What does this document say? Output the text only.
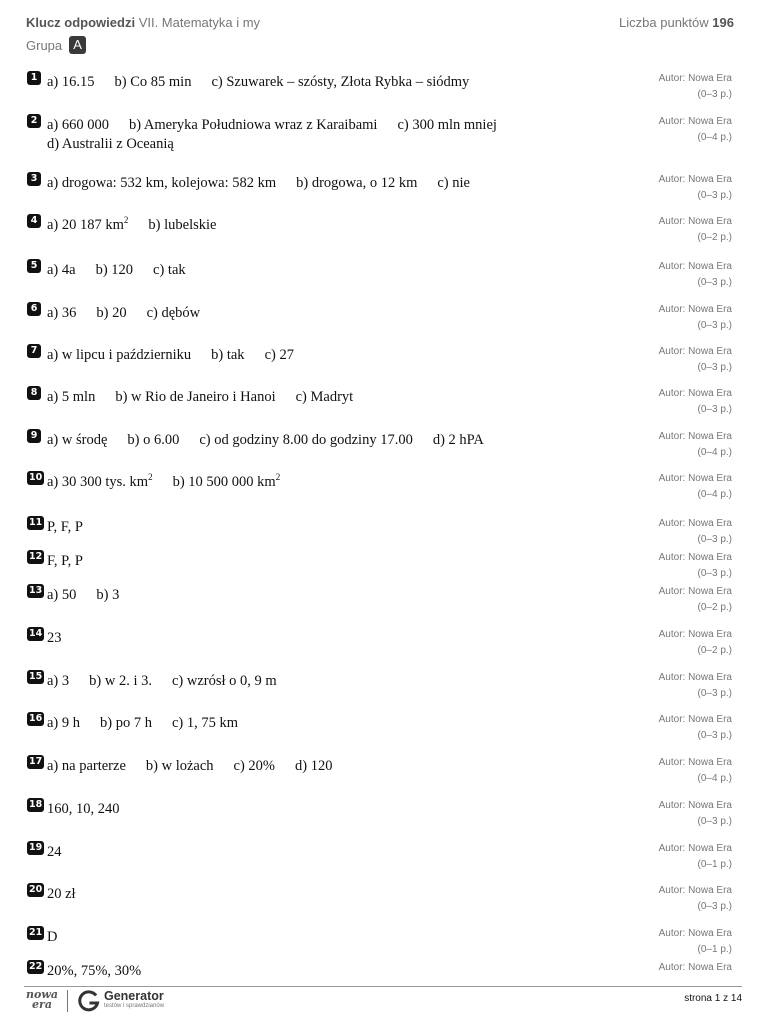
Klucz odpowiedzi VII. Matematyka i my	Liczba punktów 196
Grupa A
1 a) 16.15 b) Co 85 min c) Szuwarek – szósty, Złota Rybka – siódmy	Autor: Nowa Era
(0–3 p.)
2 a) 660 000 b) Ameryka Południowa wraz z Karaibami c) 300 mln mniej
d) Australii z Oceanią
Autor: Nowa Era
(0–4 p.)
3 a) drogowa: 532 km, kolejowa: 582 km b) drogowa, o 12 km c) nie	Autor: Nowa Era
(0–3 p.)
4 a) 20 187 $km^2$ b) lubelskie	Autor: Nowa Era
(0–2 p.)
5 a) 4a b) 120 c) tak	Autor: Nowa Era
(0–3 p.)
6 a) 36 b) 20 c) dębów	Autor: Nowa Era
(0–3 p.)
7 a) w lipcu i październiku b) tak c) 27	Autor: Nowa Era
(0–3 p.)
8 a) 5 mln b) w Rio de Janeiro i Hanoi c) Madryt	Autor: Nowa Era
(0–3 p.)
9 a) w środę b) o 6.00 c) od godziny 8.00 do godziny 17.00 d) 2 hPA	Autor: Nowa Era
(0–4 p.)
10 a) 30 300 tys. $km^2$ b) 10 500 000 $km^2$	Autor: Nowa Era
(0–4 p.)
11 P, F, P	Autor: Nowa Era
(0–3 p.)
12 F, P, P	Autor: Nowa Era
(0–3 p.)
13 a) 50 b) 3	Autor: Nowa Era
(0–2 p.)
14 23	Autor: Nowa Era
(0–2 p.)
15 a) 3 b) w 2. i 3. c) wzrósł o 0, 9 m	Autor: Nowa Era
(0–3 p.)
16 a) 9 h b) po 7 h c) 1, 75 km	Autor: Nowa Era
(0–3 p.)
17 a) na parterze b) w lożach c) 20% d) 120	Autor: Nowa Era
(0–4 p.)
18 160, 10, 240	Autor: Nowa Era
(0–3 p.)
19 24	Autor: Nowa Era
(0–1 p.)
20 20 zł	Autor: Nowa Era
(0–3 p.)
21 D	Autor: Nowa Era
(0–1 p.)
22 20%, 75%, 30%	Autor: Nowa Era
nowa era
Generator
testów i sprawdzianów
strona 1 z 14
